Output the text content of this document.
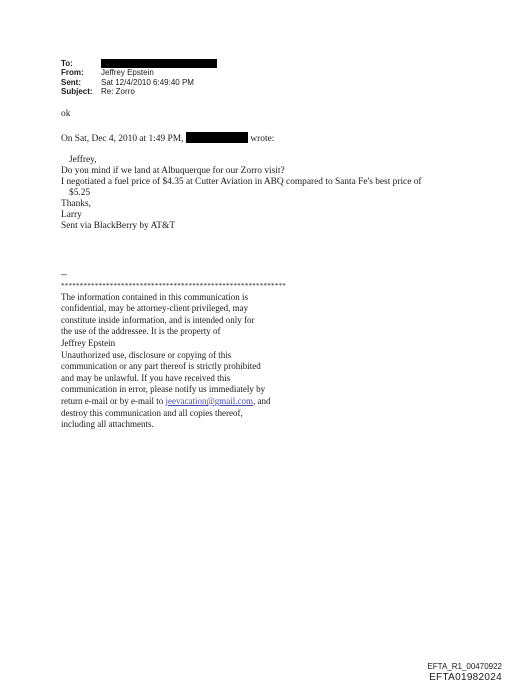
To:
From: Jeffrey Epstein
Sent:	Sat 12/4/2010 6:49:40 PM
Subject: Re: Zorro
ok
On Sat, Dec 4, 2010 at 1:49 PM,	wrote:
Jeffrey,
Do you mind if we land at Albuquerque for our Zorro visit?
I negotiated a fuel price of $4.35 at Cutter Aviation in ABQ compared to Santa Fe's best price of
$5.25
Thanks,
Larry
Sent via BlackBerry by AT&T
--
************************************************************
The information contained in this communication is
confidential, may be attorney-client privileged, may
constitute inside information, and is intended only for
the use of the addressee. It is the property of
Jeffrey Epstein
Unauthorized use, disclosure or copying of this
communication or any part thereof is strictly prohibited
and may be unlawful. If you have received this
communication in error, please notify us immediately by
return e-mail or by e-mail to jeevacation@gmail.com, and
destroy this communication and all copies thereof,
including all attachments.
EFTA_R1_00470922
EFTA01982024
